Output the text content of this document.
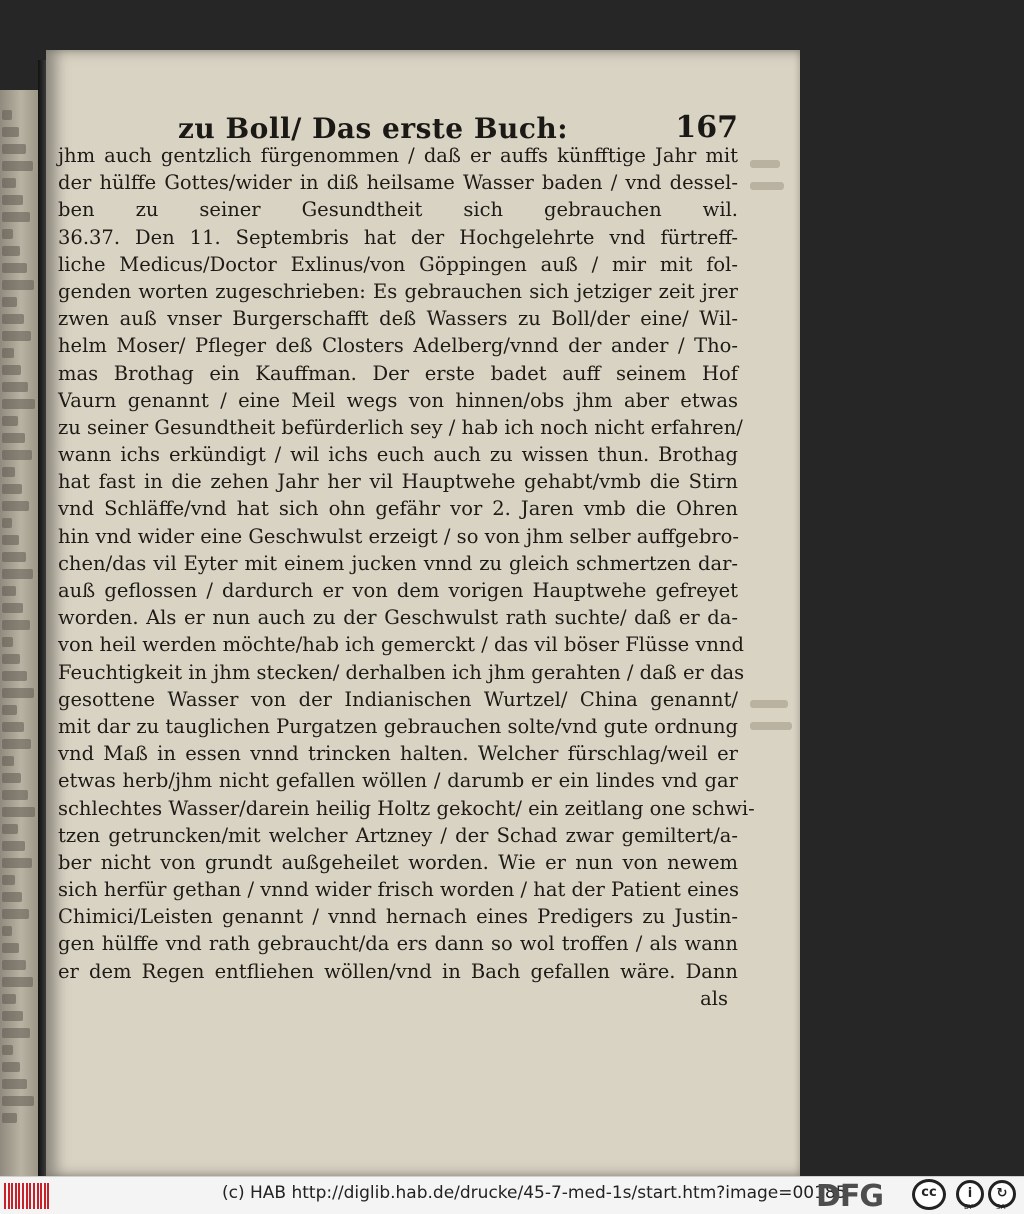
zu Boll/ Das erste Buch:	167
jhm auch gentzlich fürgenommen / daß er auffs künfftige Jahr mit
der hülffe Gottes/wider in diß heilsame Wasser baden / vnd dessel-
ben zu seiner Gesundtheit sich gebrauchen wil.
36.37. Den 11. Septembris hat der Hochgelehrte vnd fürtreff-
liche Medicus/Doctor Exlinus/von Göppingen auß / mir mit fol-
genden worten zugeschrieben: Es gebrauchen sich jetziger zeit jrer
zwen auß vnser Burgerschafft deß Wassers zu Boll/der eine/ Wil-
helm Moser/ Pfleger deß Closters Adelberg/vnnd der ander / Tho-
mas Brothag ein Kauffman. Der erste badet auff seinem Hof
Vaurn genannt / eine Meil wegs von hinnen/obs jhm aber etwas
zu seiner Gesundtheit befürderlich sey / hab ich noch nicht erfahren/
wann ichs erkündigt / wil ichs euch auch zu wissen thun. Brothag
hat fast in die zehen Jahr her vil Hauptwehe gehabt/vmb die Stirn
vnd Schläffe/vnd hat sich ohn gefähr vor 2. Jaren vmb die Ohren
hin vnd wider eine Geschwulst erzeigt / so von jhm selber auffgebro-
chen/das vil Eyter mit einem jucken vnnd zu gleich schmertzen dar-
auß geflossen / dardurch er von dem vorigen Hauptwehe gefreyet
worden. Als er nun auch zu der Geschwulst rath suchte/ daß er da-
von heil werden möchte/hab ich gemerckt / das vil böser Flüsse vnnd
Feuchtigkeit in jhm stecken/ derhalben ich jhm gerahten / daß er das
gesottene Wasser von der Indianischen Wurtzel/ China genannt/
mit dar zu tauglichen Purgatzen gebrauchen solte/vnd gute ordnung
vnd Maß in essen vnnd trincken halten. Welcher fürschlag/weil er
etwas herb/jhm nicht gefallen wöllen / darumb er ein lindes vnd gar
schlechtes Wasser/darein heilig Holtz gekocht/ ein zeitlang one schwi-
tzen getruncken/mit welcher Artzney / der Schad zwar gemiltert/a-
ber nicht von grundt außgeheilet worden. Wie er nun von newem
sich herfür gethan / vnnd wider frisch worden / hat der Patient eines
Chimici/Leisten genannt / vnnd hernach eines Predigers zu Justin-
gen hülffe vnd rath gebraucht/da ers dann so wol troffen / als wann
er dem Regen entfliehen wöllen/vnd in Bach gefallen wäre. Dann
als
(c) HAB http://diglib.hab.de/drucke/45-7-med-1s/start.htm?image=00185
DFG	cc	i	↻
BY	SA
